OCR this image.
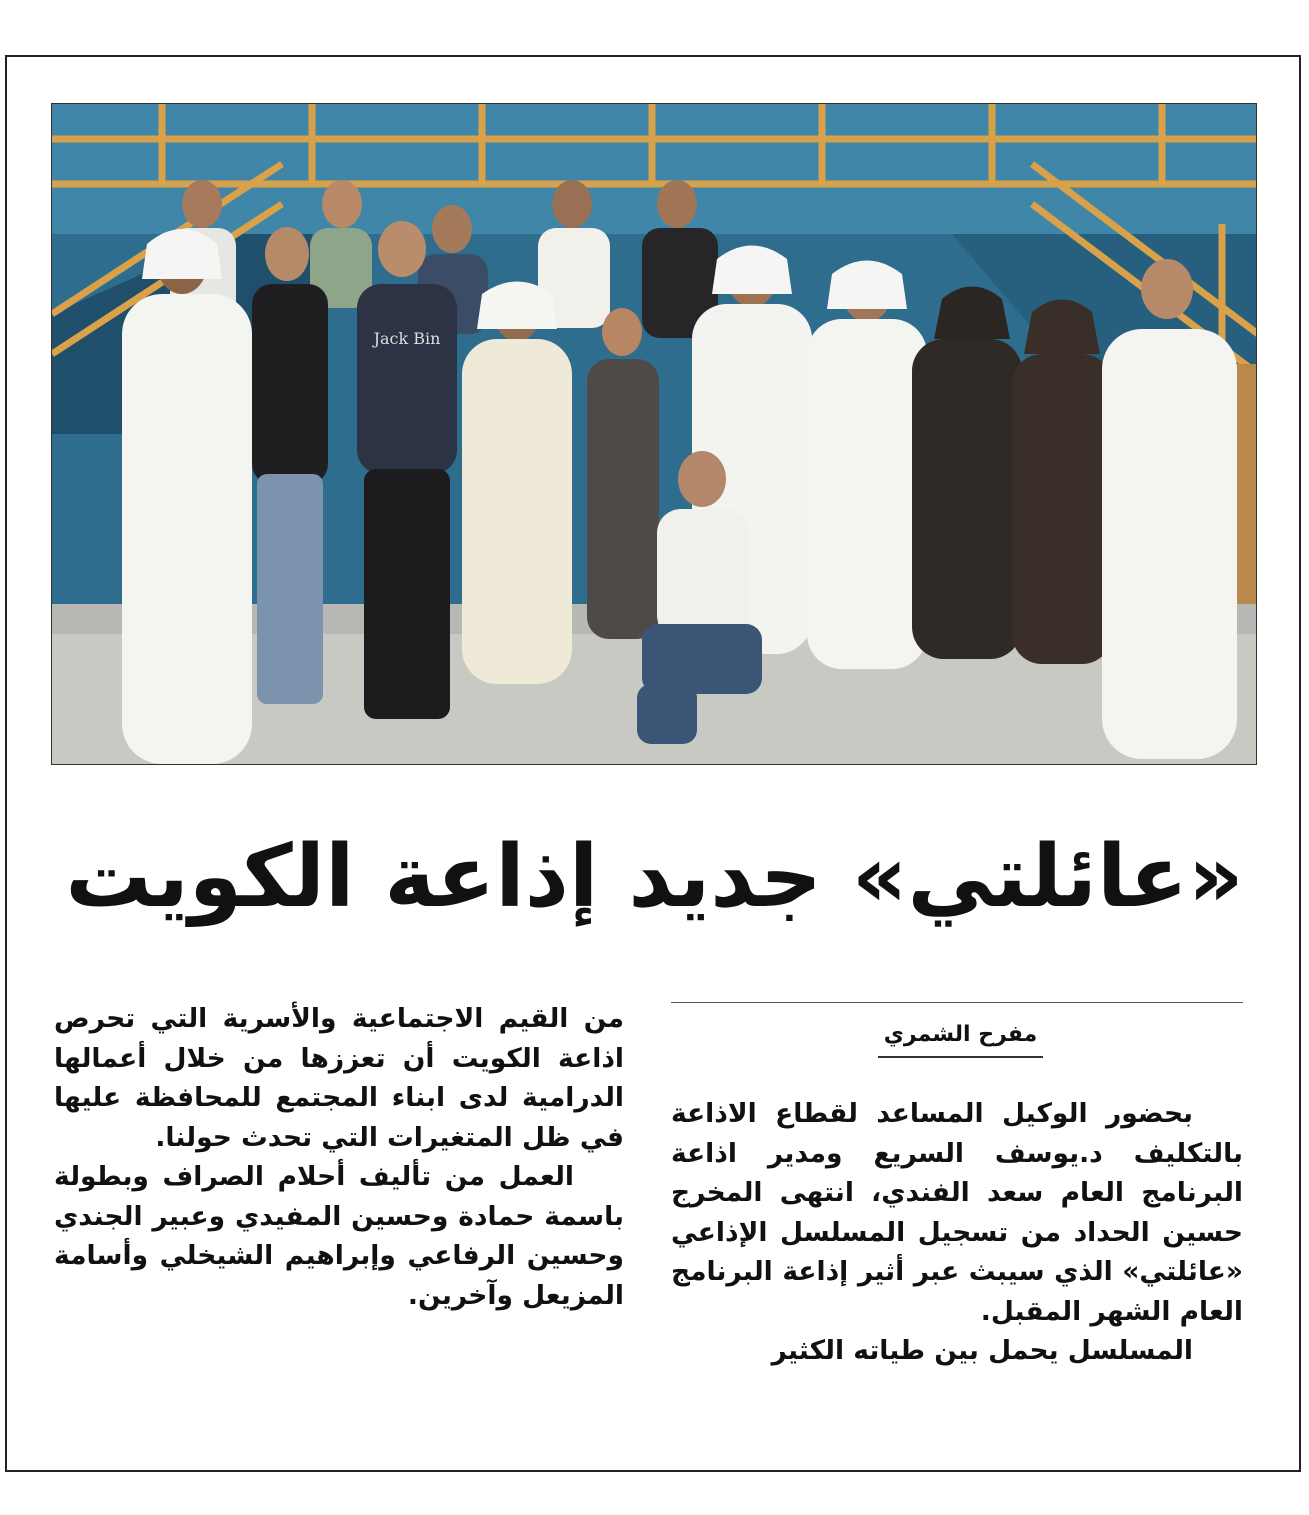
Jack Bin
«عائلتي» جديد إذاعة الكويت
مفرح الشمري

بحضور الوكيل المساعد لقطاع الاذاعة بالتكليف د.يوسف السريع ومدير اذاعة البرنامج العام سعد الفندي، انتهى المخرج حسين الحداد من تسجيل المسلسل الإذاعي «عائلتي» الذي سيبث عبر أثير إذاعة البرنامج العام الشهر المقبل.

المسلسل يحمل بين طياته الكثير

من القيم الاجتماعية والأسرية التي تحرص اذاعة الكويت أن تعززها من خلال أعمالها الدرامية لدى ابناء المجتمع للمحافظة عليها في ظل المتغيرات التي تحدث حولنا.

العمل من تأليف أحلام الصراف وبطولة باسمة حمادة وحسين المفيدي وعبير الجندي وحسين الرفاعي وإبراهيم الشيخلي وأسامة المزيعل وآخرين.
